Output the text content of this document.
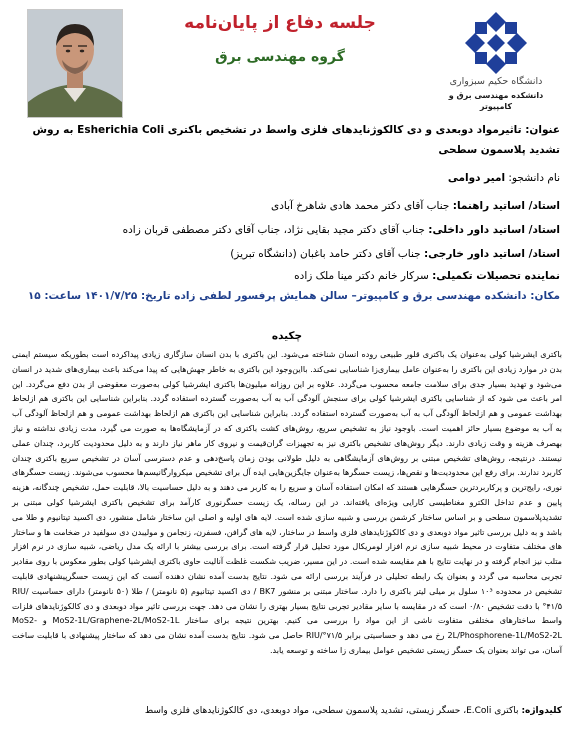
جلسه دفاع از پایان‌نامه
گروه مهندسی برق
دانشگاه حکیم سبزواری
دانشکده مهندسی برق و کامپیوتر
عنوان: تاثیرمواد دوبعدی و دی کالکوژنایدهای فلزی واسط در تشخیص باکتری Esherichia Coli به روش تشدید پلاسمون سطحی
نام دانشجو: امیر دوامی
استاد/ اساتید راهنما: جناب آقای دکتر محمد هادی شاهرخ آبادی
استاد/ اساتید داور داخلی: جناب آقای دکتر مجید بقایی نژاد، جناب آقای دکتر مصطفی قربان زاده
استاد/ اساتید داور خارجی: جناب آقای دکتر حامد باغبان (دانشگاه تبریز)
نماینده تحصیلات تکمیلی: سرکار خانم دکتر مینا ملک زاده
مکان: دانشکده مهندسی برق و کامپیوتر– سالن همایش پرفسور لطفی زاده تاریخ: ۱۴۰۱/۷/۲۵ ساعت: ۱۵
چکیده
باکتری ایشرشیا کولی به‌عنوان یک باکتری قلور طبیعی روده انسان شناخته می‌شود. این باکتری با بدن انسان سازگاری زیادی پیداکرده است بطوریکه سیستم ایمنی بدن در موارد زیادی این باکتری را به‌عنوان عامل بیماری‌زا شناسایی نمی‌کند. بااین‌وجود این باکتری به خاطر جهش‌هایی که پیدا می‌کند باعث بیماری‌های شدید در انسان می‌شود و تهدید بسیار جدی برای سلامت جامعه محسوب می‌گردد. علاوه بر این روزانه میلیون‌ها باکتری ایشرشیا کولی به‌صورت معقوضی از بدن دفع می‌گردد. این امر باعث می شود که از شناسایی باکتری ایشرشیا کولی برای سنجش آلودگی آب به آب به‌صورت گسترده استفاده گردد. بنابراین شناسایی این باکتری هم ازلحاظ بهداشت عمومی و هم ازلحاظ آلودگی آب به آب به‌صورت گسترده استفاده گردد. بنابراین شناسایی این باکتری هم ازلحاظ بهداشت عمومی و هم ازلحاظ آلودگی آب به آب به موضوع بسیار حائز اهمیت است. باوجود نیاز به تشخیص سریع، روش‌های کشت باکتری که در آزمایشگاه‌ها به صورت می گیرد، مدت زیادی نداشته و نیاز بهصرف هزینه و وقت زیادی دارند. دیگر روش‌های تشخیص باکتری نیز به تجهیزات گران‌قیمت و نیروی کار ماهر نیاز دارند و به دلیل محدودیت کاربرد، چندان عملی نیستند. درنتیجه، روش‌های تشخیص مبتنی بر روش‌های آزمایشگاهی به دلیل طولانی بودن زمان پاسخ‌دهی و عدم دسترسی آسان در تشخیص سریع باکتری چندان کاربرد ندارند. برای رفع این محدودیت‌ها و نقص‌ها، زیست حسگرها به‌عنوان جایگزین‌هایی ایده آل برای تشخیص میکروارگانیسم‌ها محسوب می‌شوند. زیست حسگرهای نوری، رایج‌ترین و پرکاربردترین حسگرهایی هستند که امکان استفاده آسان و سریع را به کاربر می دهند و به دلیل حساسیت بالا، قابلیت حمل، تشخیص چندگانه، هزینه پایین و عدم تداخل الکترو مغناطیسی کارایی ویژه‌ای یافته‌اند. در این رساله، یک زیست حسگرنوری کارآمد برای تشخیص باکتری ایشرشیا کولی مبتنی بر تشدیدپلاسمون سطحی و بر اساس ساختار کرشمن بررسی و شبیه سازی شده است. لایه های اولیه و اصلی این ساختار شامل منشور، دی اکسید تیتانیوم و طلا می باشد و به دلیل بررسی تاثیر مواد دوبعدی و دی کالکوژنایدهای فلزی واسط در ساختار، لایه های گرافن، فسفرن، زنجامن و مولیبدن دی سولفید در ضخامت ها و ساختار های مختلف متفاوت در محیط شبیه سازی نرم افزار لومریکال مورد تحلیل قرار گرفته است. برای بررسی بیشتر با ارائه یک مدل ریاضی، شبیه سازی در نرم افزار متلب نیز انجام گرفته و در نهایت نتایج با هم مقایسه شده است. در این مسیر، ضریب شکست غلظت آنالیت حاوی باکتری ایشرشیا کولی بطور معکوس با روی مقادیر تجربی محاسبه می گردد و بعنوان یک رابطه تحلیلی در فرآیند بررسی ارائه می شود. نتایج بدست آمده نشان دهنده آنست که این زیست حسگرپیشنهادی قابلیت تشخیص در محدوده ۱۰³ سلول بر میلی لیتر باکتری را دارد. ساختار مبتنی بر منشور BK7 / دی اکسید تیتانیوم (۵ نانومتر) / طلا (۵۰ نانومتر) دارای حساسیت RIU/°۴۱/۵ با دقت تشخیص ۰/۸۰ است که در مقایسه با سایر مقادیر تجربی نتایج بسیار بهتری را نشان می دهد. جهت بررسی تاثیر مواد دوبعدی و دی کالکوژنایدهای فلزات واسط ساختارهای مختلفی متفاوت ناشی از این مواد را بررسی می کنیم. بهترین نتیجه برای ساختار MoS2-1L/Graphene-2L/MoS2-1L و MoS2-2L/Phosphorene-1L/MoS2-2L رخ می دهد و حساسیتی برابر RIU/°۷۱/۵ حاصل می شود. نتایج بدست آمده نشان می دهد که ساختار پیشنهادی با قابلیت ساخت آسان، می تواند بعنوان یک حسگر زیستی تشخیص عوامل بیماری زا ساخته و توسعه یابد.
کلیدواژه: باکتری E.Coli، حسگر زیستی، تشدید پلاسمون سطحی، مواد دوبعدی، دی کالکوژنایدهای فلزی واسط
